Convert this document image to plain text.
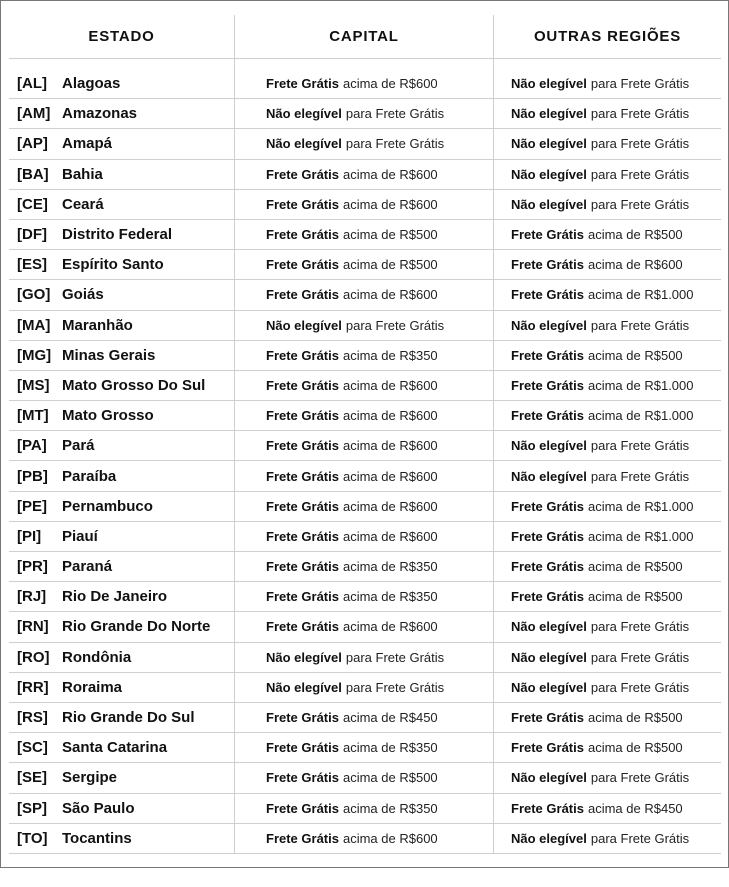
ESTADO	CAPITAL	OUTRAS REGIÕES
[AL]	Alagoas	Frete Grátis acima de R$600	Não elegível para Frete Grátis
[AM] Amazonas	Não elegível para Frete Grátis	Não elegível para Frete Grátis
[AP] Amapá	Não elegível para Frete Grátis	Não elegível para Frete Grátis
[BA] Bahia	Frete Grátis acima de R$600	Não elegível para Frete Grátis
[CE] Ceará	Frete Grátis acima de R$600	Não elegível para Frete Grátis
[DF]	Distrito Federal	Frete Grátis acima de R$500	Frete Grátis acima de R$500
[ES]	Espírito Santo	Frete Grátis acima de R$500	Frete Grátis acima de R$600
[GO] Goiás	Frete Grátis acima de R$600	Frete Grátis acima de R$1.000
[MA] Maranhão	Não elegível para Frete Grátis	Não elegível para Frete Grátis
[MG] Minas Gerais	Frete Grátis acima de R$350	Frete Grátis acima de R$500
[MS] Mato Grosso Do Sul	Frete Grátis acima de R$600	Frete Grátis acima de R$1.000
[MT] Mato Grosso	Frete Grátis acima de R$600	Frete Grátis acima de R$1.000
[PA]	Pará	Frete Grátis acima de R$600	Não elegível para Frete Grátis
[PB] Paraíba	Frete Grátis acima de R$600	Não elegível para Frete Grátis
[PE]	Pernambuco	Frete Grátis acima de R$600	Frete Grátis acima de R$1.000
[PI]	Piauí	Frete Grátis acima de R$600	Frete Grátis acima de R$1.000
[PR] Paraná	Frete Grátis acima de R$350	Frete Grátis acima de R$500
[RJ]	Rio De Janeiro	Frete Grátis acima de R$350	Frete Grátis acima de R$500
[RN] Rio Grande Do Norte	Frete Grátis acima de R$600	Não elegível para Frete Grátis
[RO] Rondônia	Não elegível para Frete Grátis	Não elegível para Frete Grátis
[RR] Roraima	Não elegível para Frete Grátis	Não elegível para Frete Grátis
[RS] Rio Grande Do Sul	Frete Grátis acima de R$450	Frete Grátis acima de R$500
[SC] Santa Catarina	Frete Grátis acima de R$350	Frete Grátis acima de R$500
[SE]	Sergipe	Frete Grátis acima de R$500	Não elegível para Frete Grátis
[SP]	São Paulo	Frete Grátis acima de R$350	Frete Grátis acima de R$450
[TO] Tocantins	Frete Grátis acima de R$600	Não elegível para Frete Grátis
